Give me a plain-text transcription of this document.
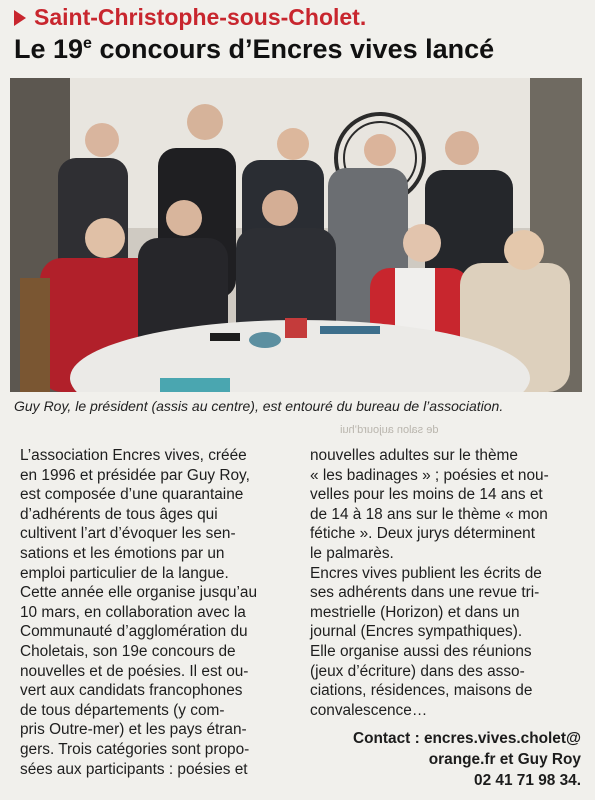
Saint-Christophe-sous-Cholet.
Le 19e concours d’Encres vives lancé
Guy Roy, le président (assis au centre), est entouré du bureau de l’association.
de salon aujourd’hui

L’association Encres vives, créée
en 1996 et présidée par Guy Roy,
est composée d’une quarantaine
d’adhérents de tous âges qui
cultivent l’art d’évoquer les sen-
sations et les émotions par un
emploi particulier de la langue.
Cette année elle organise jusqu’au
10 mars, en collaboration avec la
Communauté d’agglomération du
Choletais, son 19e concours de
nouvelles et de poésies. Il est ou-
vert aux candidats francophones
de tous départements (y com-
pris Outre-mer) et les pays étran-
gers. Trois catégories sont propo-
sées aux participants : poésies et

nouvelles adultes sur le thème
« les badinages » ; poésies et nou-
velles pour les moins de 14 ans et
de 14 à 18 ans sur le thème « mon
fétiche ». Deux jurys déterminent
le palmarès.
Encres vives publient les écrits de
ses adhérents dans une revue tri-
mestrielle (Horizon) et dans un
journal (Encres sympathiques).
Elle organise aussi des réunions
(jeux d’écriture) dans des asso-
ciations, résidences, maisons de
convalescence…

Contact : encres.vives.cholet@
orange.fr et Guy Roy
02 41 71 98 34.
